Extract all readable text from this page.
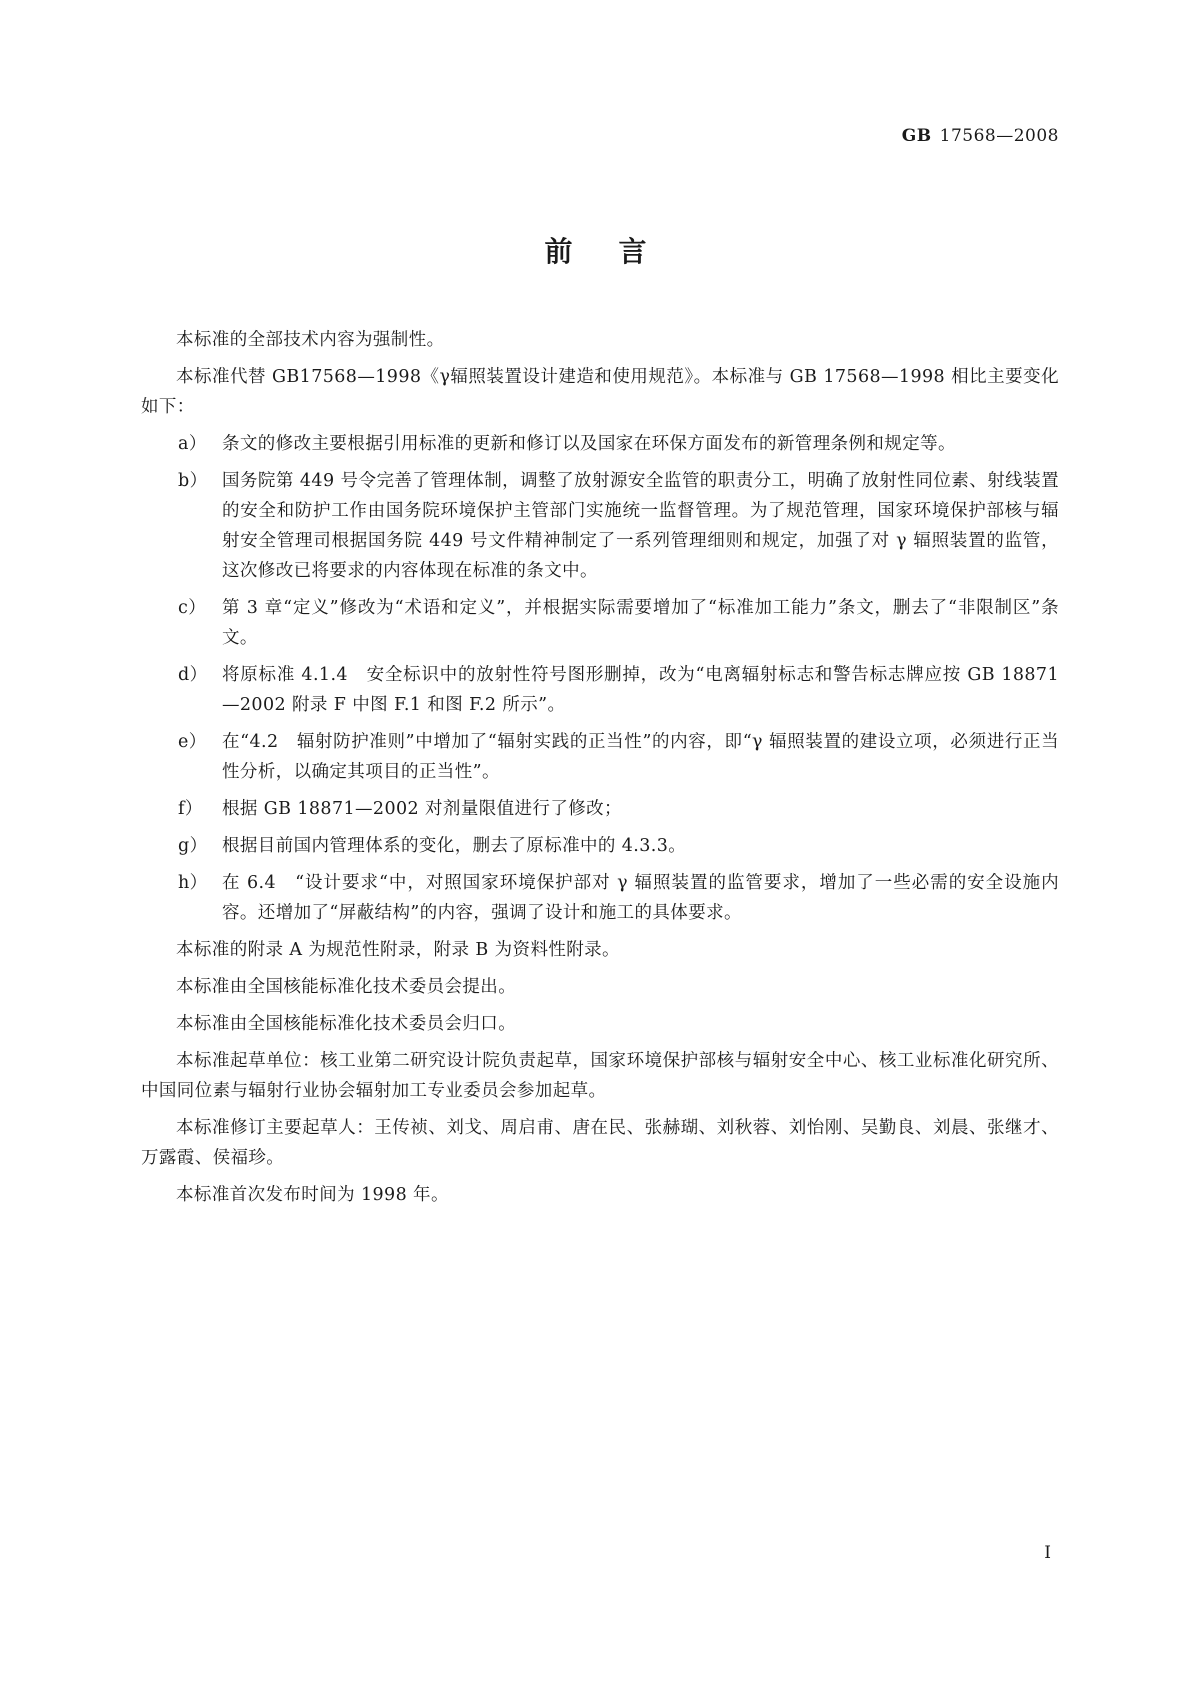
GB 17568—2008
前言

本标准的全部技术内容为强制性。

本标准代替 GB17568—1998《γ辐照装置设计建造和使用规范》。本标准与 GB 17568—1998 相比主要变化如下：

a） 条文的修改主要根据引用标准的更新和修订以及国家在环保方面发布的新管理条例和规定等。
b） 国务院第 449 号令完善了管理体制，调整了放射源安全监管的职责分工，明确了放射性同位素、射线装置的安全和防护工作由国务院环境保护主管部门实施统一监督管理。为了规范管理，国家环境保护部核与辐射安全管理司根据国务院 449 号文件精神制定了一系列管理细则和规定，加强了对 γ 辐照装置的监管，这次修改已将要求的内容体现在标准的条文中。
c） 第 3 章“定义”修改为“术语和定义”，并根据实际需要增加了“标准加工能力”条文，删去了“非限制区”条文。
d） 将原标准 4.1.4　安全标识中的放射性符号图形删掉，改为“电离辐射标志和警告标志牌应按 GB 18871—2002 附录 F 中图 F.1 和图 F.2 所示”。
e） 在“4.2　辐射防护准则”中增加了“辐射实践的正当性”的内容，即“γ 辐照装置的建设立项，必须进行正当性分析，以确定其项目的正当性”。
f）	根据 GB 18871—2002 对剂量限值进行了修改；
g） 根据目前国内管理体系的变化，删去了原标准中的 4.3.3。
h） 在 6.4　“设计要求“中，对照国家环境保护部对 γ 辐照装置的监管要求，增加了一些必需的安全设施内容。还增加了“屏蔽结构”的内容，强调了设计和施工的具体要求。

本标准的附录 A 为规范性附录，附录 B 为资料性附录。

本标准由全国核能标准化技术委员会提出。

本标准由全国核能标准化技术委员会归口。

本标准起草单位：核工业第二研究设计院负责起草，国家环境保护部核与辐射安全中心、核工业标准化研究所、中国同位素与辐射行业协会辐射加工专业委员会参加起草。

本标准修订主要起草人：王传祯、刘戈、周启甫、唐在民、张赫瑚、刘秋蓉、刘怡刚、吴勤良、刘晨、张继才、万露霞、侯福珍。

本标准首次发布时间为 1998 年。

I
